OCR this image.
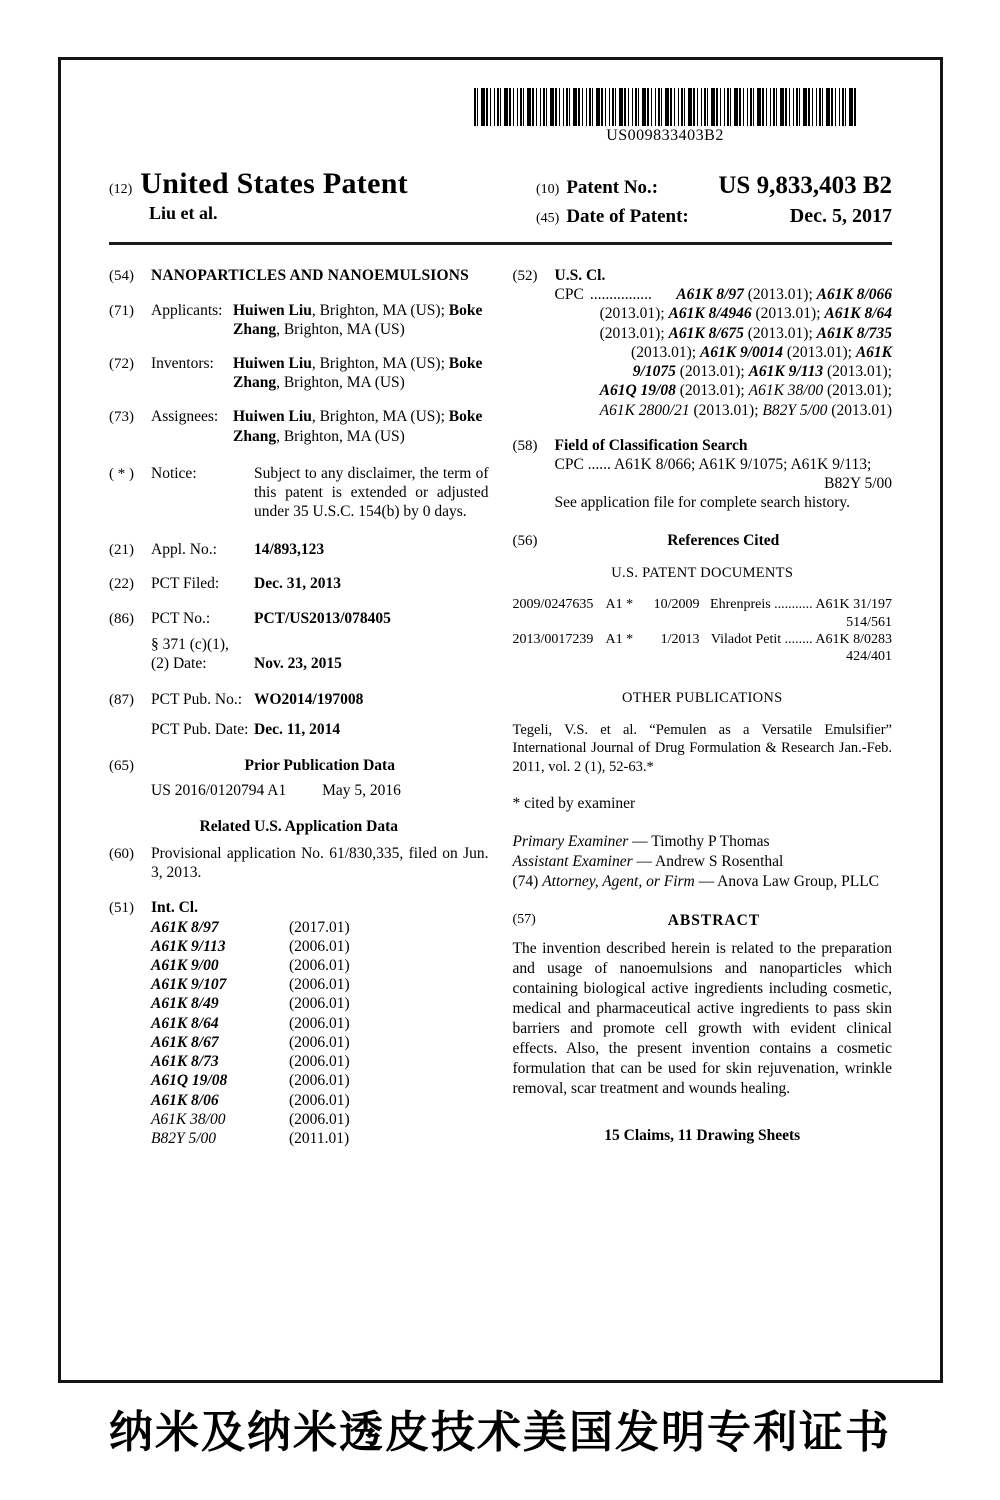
US009833403B2
(12) United States Patent
Liu et al.
(10) Patent No.: US 9,833,403 B2
(45) Date of Patent:	Dec. 5, 2017
(54)	NANOPARTICLES AND NANOEMULSIONS
(71)	Applicants: Huiwen Liu, Brighton, MA (US); Boke Zhang, Brighton, MA (US)
(72)	Inventors:	Huiwen Liu, Brighton, MA (US); Boke Zhang, Brighton, MA (US)
(73)	Assignees: Huiwen Liu, Brighton, MA (US); Boke Zhang, Brighton, MA (US)
( * )	Notice:	Subject to any disclaimer, the term of this patent is extended or adjusted under 35 U.S.C. 154(b) by 0 days.
(21)	Appl. No.:	14/893,123
(22)	PCT Filed:	Dec. 31, 2013
(86)	PCT No.:	PCT/US2013/078405
§ 371 (c)(1),
(2) Date:	Nov. 23, 2015
(87)	PCT Pub. No.: WO2014/197008
PCT Pub. Date: Dec. 11, 2014
(65)	Prior Publication Data
US 2016/0120794 A1 May 5, 2016
Related U.S. Application Data
(60)	Provisional application No. 61/830,335, filed on Jun. 3, 2013.
(51)	Int. Cl.
A61K 8/97	(2017.01)
A61K 9/113	(2006.01)
A61K 9/00	(2006.01)
A61K 9/107	(2006.01)
A61K 8/49	(2006.01)
A61K 8/64	(2006.01)
A61K 8/67	(2006.01)
A61K 8/73	(2006.01)
A61Q 19/08	(2006.01)
A61K 8/06	(2006.01)
A61K 38/00	(2006.01)
B82Y 5/00	(2011.01)
(52)	U.S. Cl.
CPC ................	A61K 8/97 (2013.01); A61K 8/066
(2013.01); A61K 8/4946 (2013.01); A61K 8/64
(2013.01); A61K 8/675 (2013.01); A61K 8/735
(2013.01); A61K 9/0014 (2013.01); A61K
9/1075 (2013.01); A61K 9/113 (2013.01);
A61Q 19/08 (2013.01); A61K 38/00 (2013.01);
A61K 2800/21 (2013.01); B82Y 5/00 (2013.01)
(58)	Field of Classification Search
CPC ...... A61K 8/066; A61K 9/1075; A61K 9/113;
B82Y 5/00
See application file for complete search history.
(56)	References Cited
U.S. PATENT DOCUMENTS
2009/0247635 A1 *	10/2009 Ehrenpreis ........... A61K 31/197
514/561
2013/0017239 A1 *	1/2013 Viladot Petit ........ A61K 8/0283
424/401
OTHER PUBLICATIONS
Tegeli, V.S. et al. “Pemulen as a Versatile Emulsifier” International Journal of Drug Formulation & Research Jan.-Feb. 2011, vol. 2 (1), 52-63.*
* cited by examiner
Primary Examiner — Timothy P Thomas
Assistant Examiner — Andrew S Rosenthal
(74) Attorney, Agent, or Firm — Anova Law Group, PLLC
(57)	ABSTRACT
The invention described herein is related to the preparation and usage of nanoemulsions and nanoparticles which containing biological active ingredients including cosmetic, medical and pharmaceutical active ingredients to pass skin barriers and promote cell growth with evident clinical effects. Also, the present invention contains a cosmetic formulation that can be used for skin rejuvenation, wrinkle removal, scar treatment and wounds healing.
15 Claims, 11 Drawing Sheets
纳米及纳米透皮技术美国发明专利证书
